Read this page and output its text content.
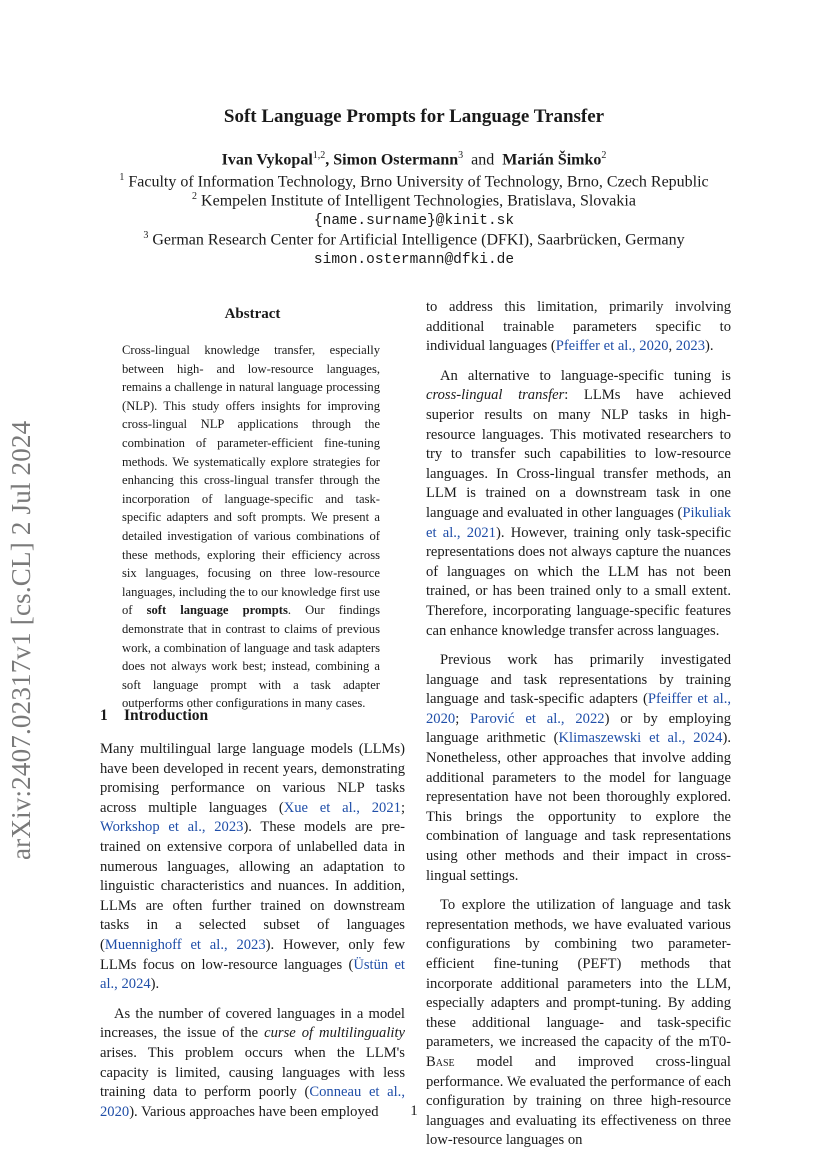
arXiv:2407.02317v1 [cs.CL] 2 Jul 2024
Soft Language Prompts for Language Transfer
Ivan Vykopal$^{1,2}$, Simon Ostermann$^3$  and  Marián Šimko$^2$
$^1$ Faculty of Information Technology, Brno University of Technology, Brno, Czech Republic
$^2$ Kempelen Institute of Intelligent Technologies, Bratislava, Slovakia
{name.surname}@kinit.sk
$^3$ German Research Center for Artificial Intelligence (DFKI), Saarbrücken, Germany
simon.ostermann@dfki.de
Abstract
Cross-lingual knowledge transfer, especially between high- and low-resource languages, remains a challenge in natural language processing (NLP). This study offers insights for improving cross-lingual NLP applications through the combination of parameter-efficient fine-tuning methods. We systematically explore strategies for enhancing this cross-lingual transfer through the incorporation of language-specific and task-specific adapters and soft prompts. We present a detailed investigation of various combinations of these methods, exploring their efficiency across six languages, focusing on three low-resource languages, including the to our knowledge first use of soft language prompts. Our findings demonstrate that in contrast to claims of previous work, a combination of language and task adapters does not always work best; instead, combining a soft language prompt with a task adapter outperforms other configurations in many cases.
1 Introduction

Many multilingual large language models (LLMs) have been developed in recent years, demonstrating promising performance on various NLP tasks across multiple languages (Xue et al., 2021; Workshop et al., 2023). These models are pre-trained on extensive corpora of unlabelled data in numerous languages, allowing an adaptation to linguistic characteristics and nuances. In addition, LLMs are often further trained on downstream tasks in a selected subset of languages (Muennighoff et al., 2023). However, only few LLMs focus on low-resource languages (Üstün et al., 2024).

As the number of covered languages in a model increases, the issue of the curse of multilinguality arises. This problem occurs when the LLM's capacity is limited, causing languages with less training data to perform poorly (Conneau et al., 2020). Various approaches have been employed

to address this limitation, primarily involving additional trainable parameters specific to individual languages (Pfeiffer et al., 2020, 2023).

An alternative to language-specific tuning is cross-lingual transfer: LLMs have achieved superior results on many NLP tasks in high-resource languages. This motivated researchers to try to transfer such capabilities to low-resource languages. In Cross-lingual transfer methods, an LLM is trained on a downstream task in one language and evaluated in other languages (Pikuliak et al., 2021). However, training only task-specific representations does not always capture the nuances of languages on which the LLM has not been trained, or has been trained only to a small extent. Therefore, incorporating language-specific features can enhance knowledge transfer across languages.

Previous work has primarily investigated language and task representations by training language and task-specific adapters (Pfeiffer et al., 2020; Parović et al., 2022) or by employing language arithmetic (Klimaszewski et al., 2024). Nonetheless, other approaches that involve adding additional parameters to the model for language representation have not been thoroughly explored. This brings the opportunity to explore the combination of language and task representations using other methods and their impact in cross-lingual settings.

To explore the utilization of language and task representation methods, we have evaluated various configurations by combining two parameter-efficient fine-tuning (PEFT) methods that incorporate additional parameters into the LLM, especially adapters and prompt-tuning. By adding these additional language- and task-specific parameters, we increased the capacity of the mT0-Base model and improved cross-lingual performance. We evaluated the performance of each configuration by training on three high-resource languages and evaluating its effectiveness on three low-resource languages on

1
